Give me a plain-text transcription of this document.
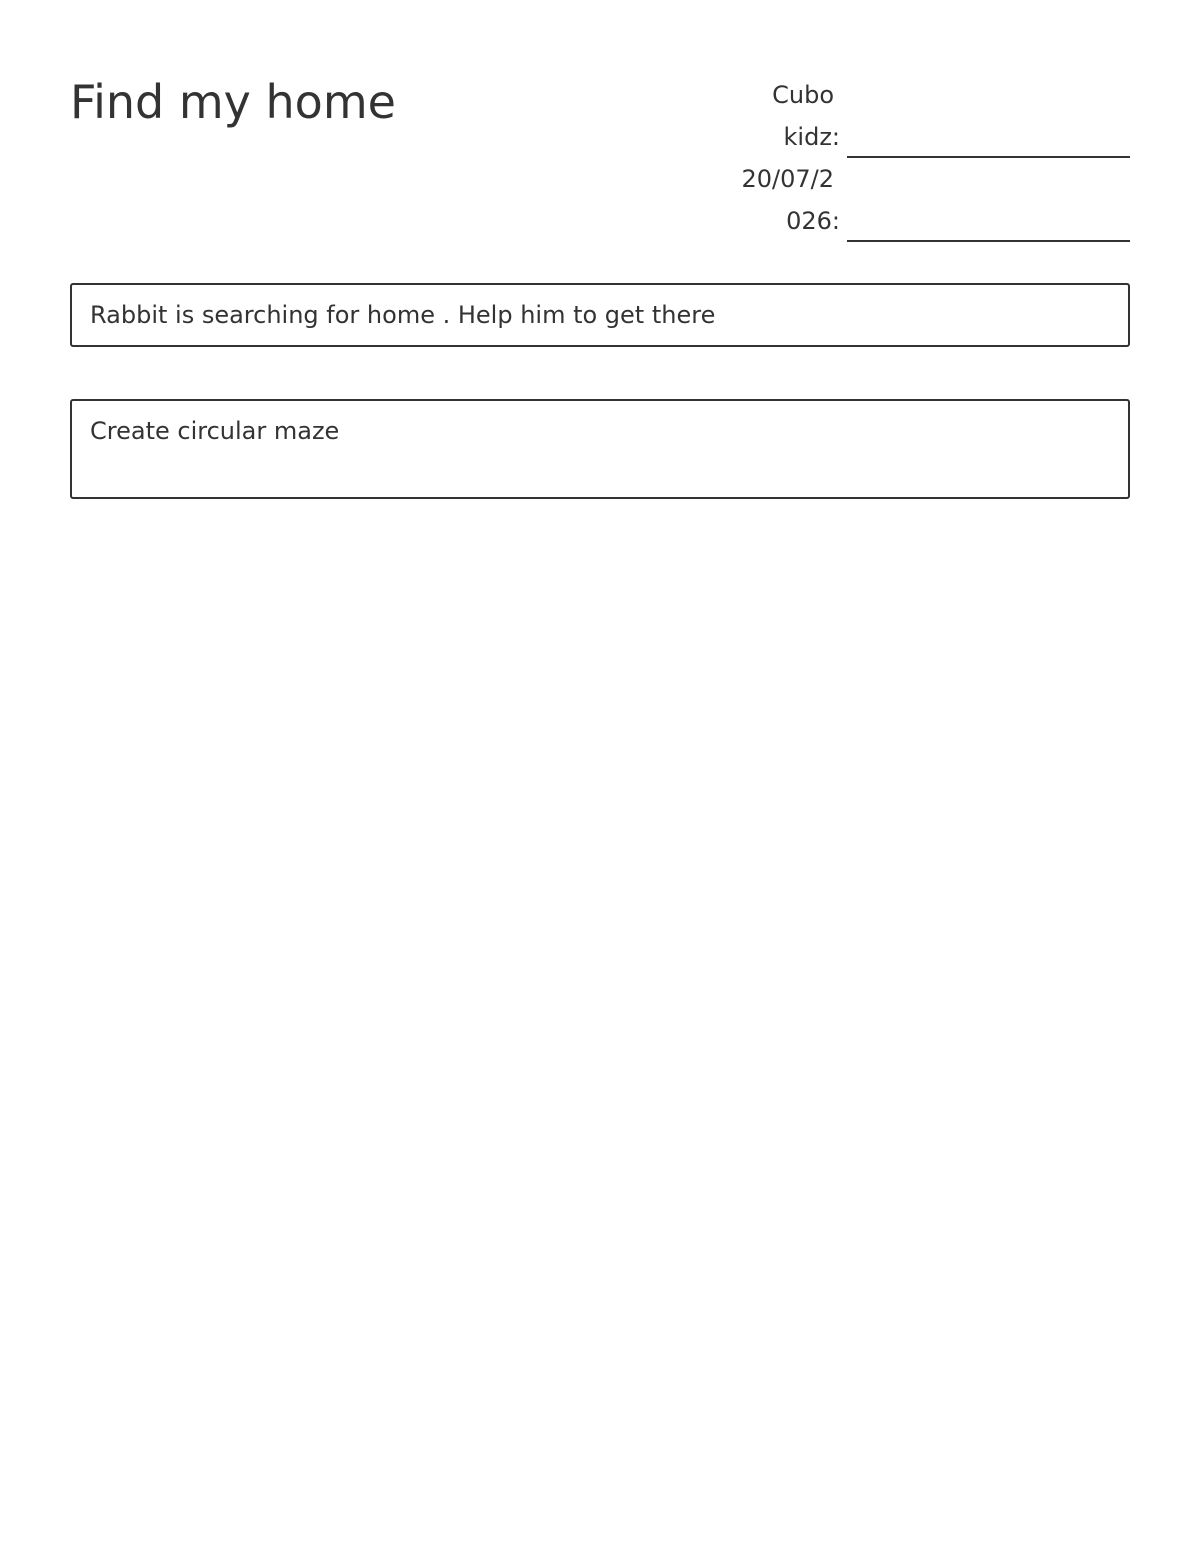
Find my home	Cubo
kidz:
20/07/2
026:
Rabbit is searching for home . Help him to get there
Create circular maze
